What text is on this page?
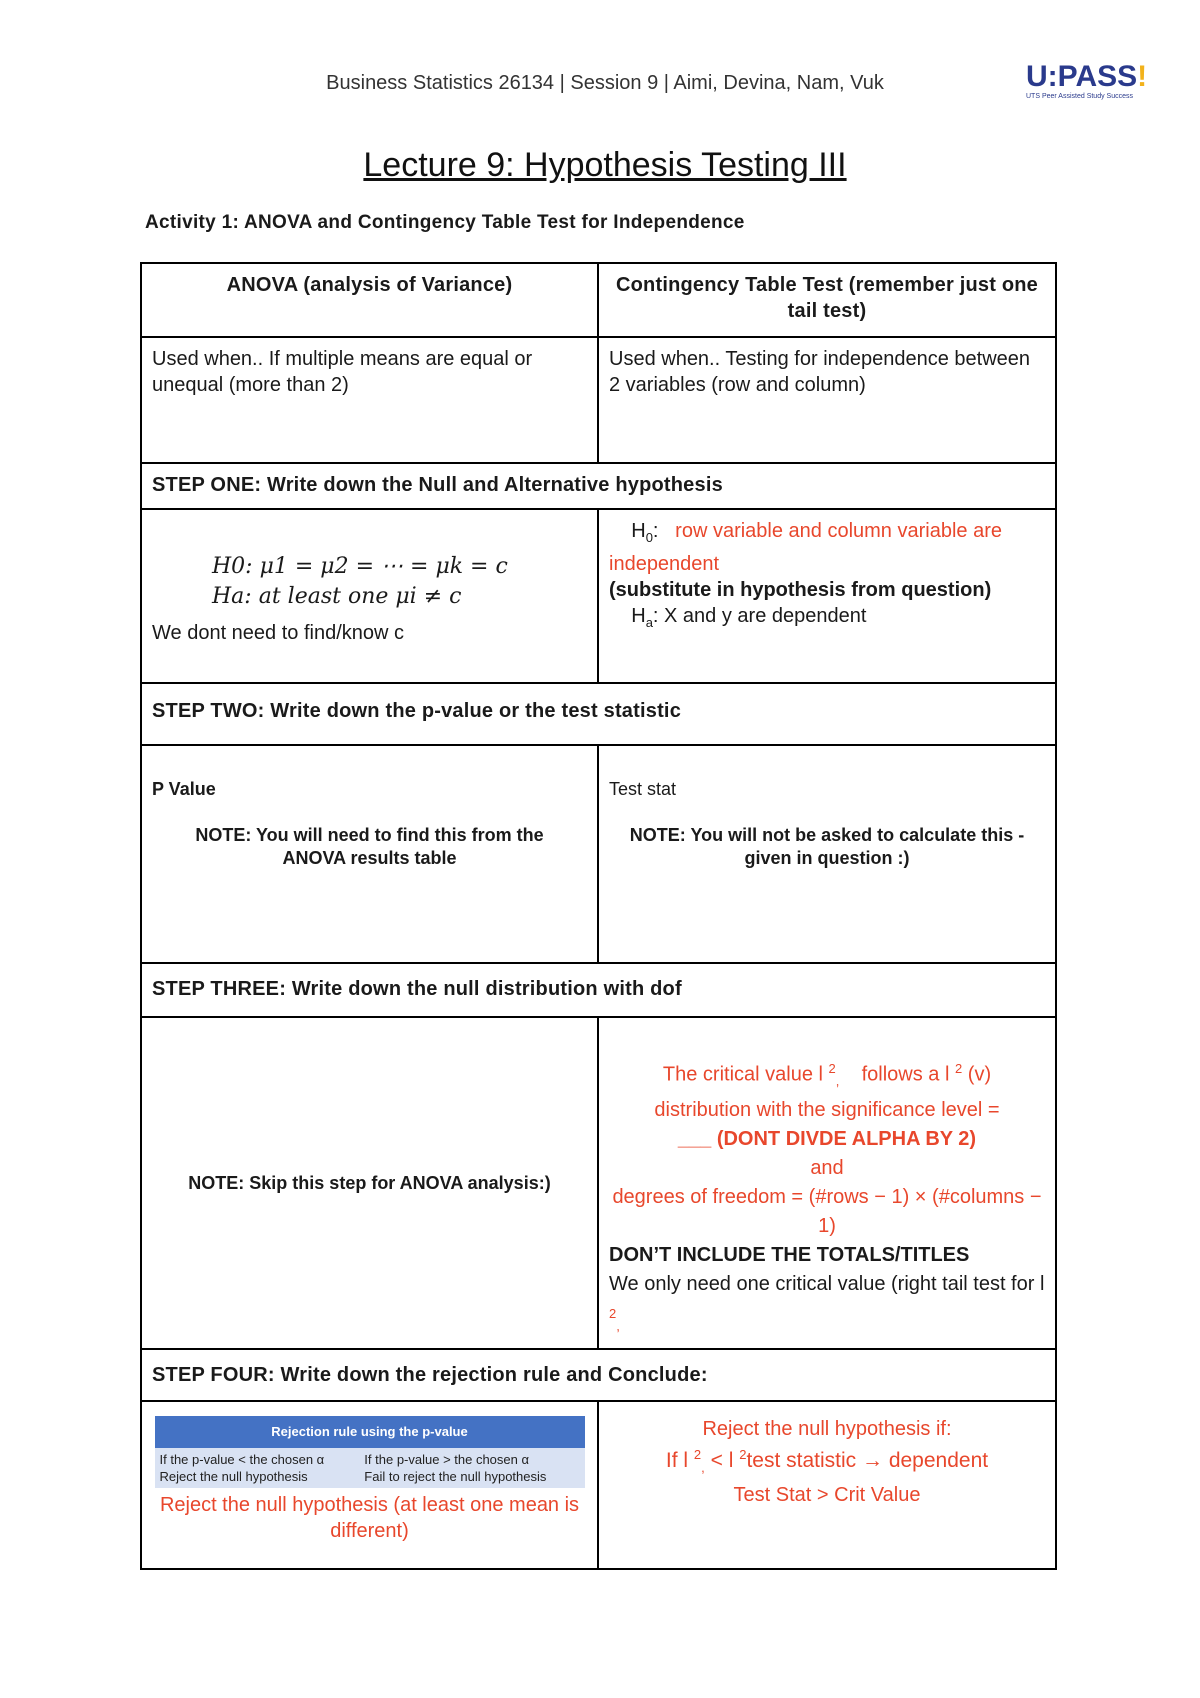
Business Statistics 26134 | Session 9 | Aimi, Devina, Nam, Vuk	U:PASS!
UTS Peer Assisted Study Success
Lecture 9: Hypothesis Testing III
Activity 1: ANOVA and Contingency Table Test for Independence
ANOVA (analysis of Variance)	Contingency Table Test (remember just one tail test)
Used when.. If multiple means are equal or unequal (more than 2)	Used when.. Testing for independence between 2 variables (row and column)
STEP ONE: Write down the Null and Alternative hypothesis

H0: μ1 = μ2 = ⋯ = μk = c
Ha: at least one μi ≠ c
We dont need to find/know c

$H_0$:   row variable and column variable are independent
(substitute in hypothesis from question)
$H_a$: X and y are dependent

STEP TWO: Write down the p-value or the test statistic

P Value
NOTE: You will need to find this from the ANOVA results table

Test stat
NOTE: You will not be asked to calculate this - given in question :)

STEP THREE: Write down the null distribution with dof

NOTE: Skip this step for ANOVA analysis:)

The critical value l $^2_,$ follows a l $^2$ (v)
distribution with the significance level =
___ (DONT DIVDE ALPHA BY 2)
and
degrees of freedom = (#rows − 1) × (#columns − 1)
DON’T INCLUDE THE TOTALS/TITLES
We only need one critical value (right tail test for l $^2_,$

STEP FOUR: Write down the rejection rule and Conclude:

Rejection rule using the p-value

If the p-value < the chosen α
Reject the null hypothesis

If the p-value > the chosen α
Fail to reject the null hypothesis
Reject the null hypothesis (at least one mean is different)

Reject the null hypothesis if:
If l $^2_,$ < l $^2$test statistic → dependent
Test Stat > Crit Value
